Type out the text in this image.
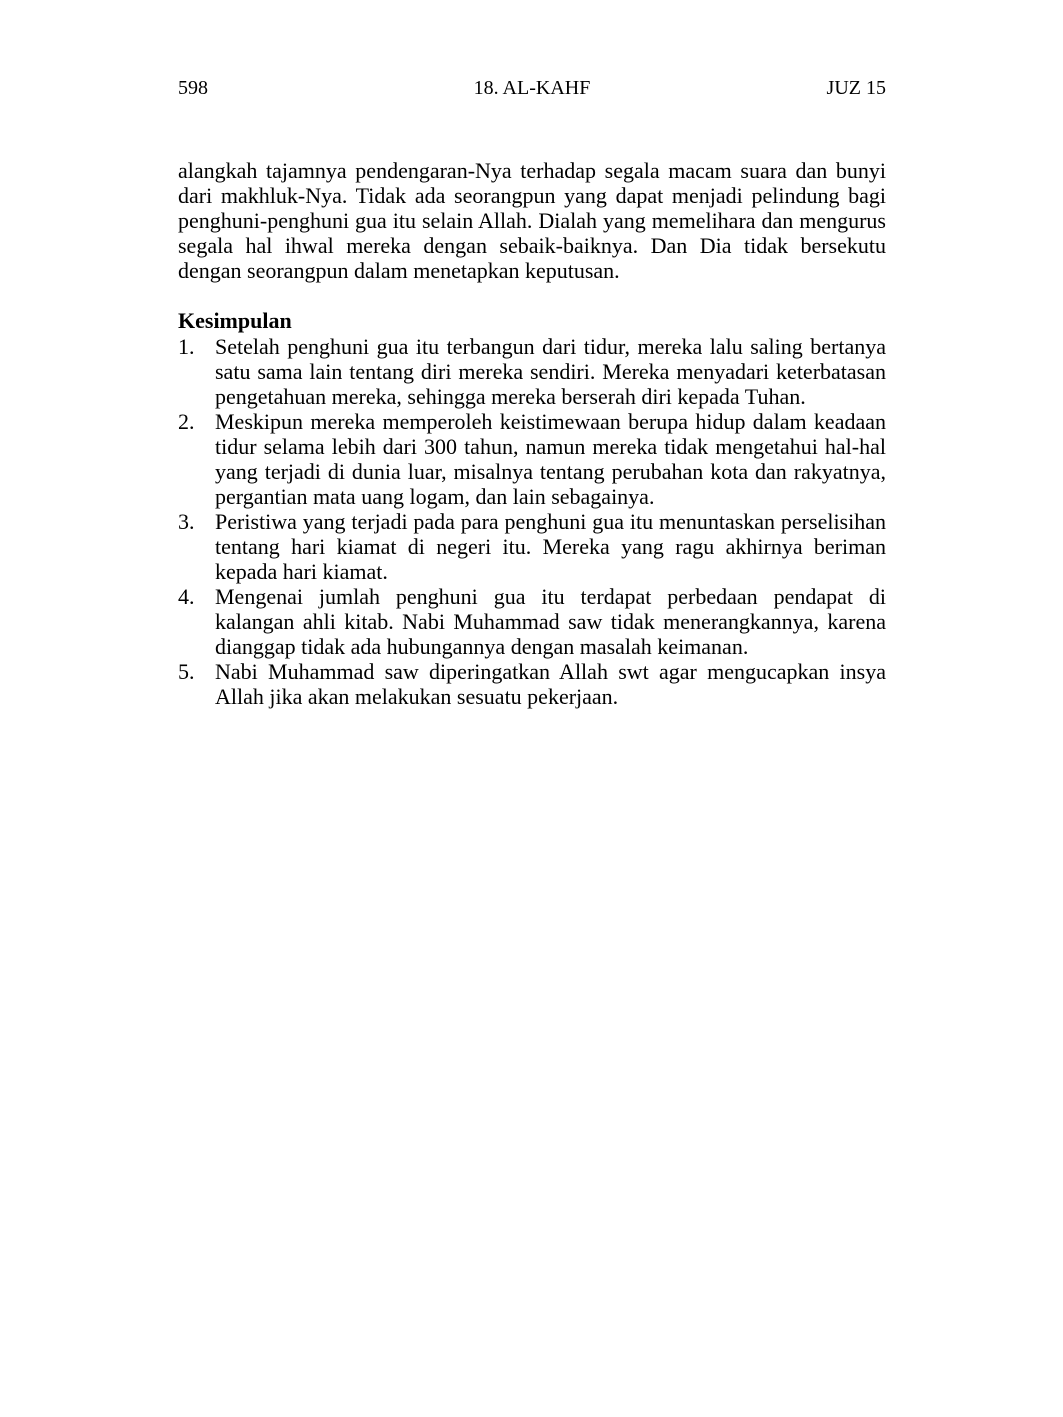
598	18. AL-KAHF	JUZ 15

alangkah tajamnya pendengaran-Nya terhadap segala macam suara dan bunyi dari makhluk-Nya. Tidak ada seorangpun yang dapat menjadi pelindung bagi penghuni-penghuni gua itu selain Allah. Dialah yang memelihara dan mengurus segala hal ihwal mereka dengan sebaik-baiknya. Dan Dia tidak bersekutu dengan seorangpun dalam menetapkan keputusan.

Kesimpulan
1. Setelah penghuni gua itu terbangun dari tidur, mereka lalu saling bertanya satu sama lain tentang diri mereka sendiri. Mereka menyadari keterbatasan pengetahuan mereka, sehingga mereka berserah diri kepada Tuhan.
2. Meskipun mereka memperoleh keistimewaan berupa hidup dalam keadaan tidur selama lebih dari 300 tahun, namun mereka tidak mengetahui hal-hal yang terjadi di dunia luar, misalnya tentang perubahan kota dan rakyatnya, pergantian mata uang logam, dan lain sebagainya.
3. Peristiwa yang terjadi pada para penghuni gua itu menuntaskan perselisihan tentang hari kiamat di negeri itu. Mereka yang ragu akhirnya beriman kepada hari kiamat.
4. Mengenai jumlah penghuni gua itu terdapat perbedaan pendapat di kalangan ahli kitab. Nabi Muhammad saw tidak menerangkannya, karena dianggap tidak ada hubungannya dengan masalah keimanan.
5. Nabi Muhammad saw diperingatkan Allah swt agar mengucapkan insya Allah jika akan melakukan sesuatu pekerjaan.
